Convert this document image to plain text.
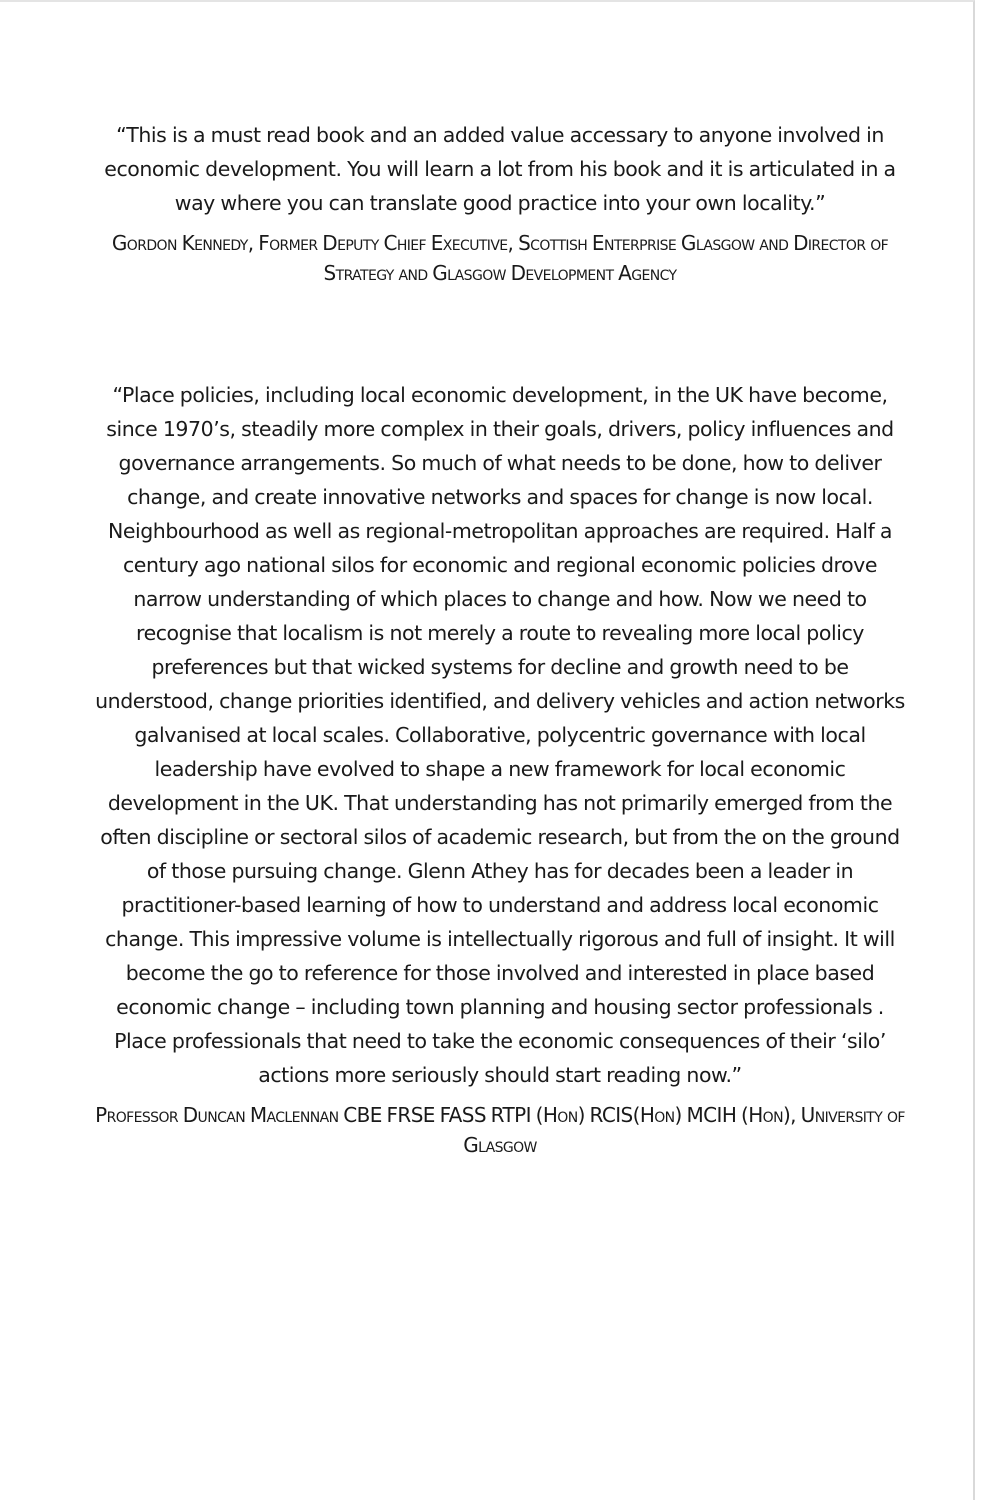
“This is a must read book and an added value accessary to anyone involved in economic development. You will learn a lot from his book and it is articulated in a way where you can translate good practice into your own locality.”

Gordon Kennedy, Former Deputy Chief Executive, Scottish Enterprise Glasgow and Director of Strategy and Glasgow Development Agency

“Place policies, including local economic development, in the UK have become, since 1970’s, steadily more complex in their goals, drivers, policy influences and governance arrangements. So much of what needs to be done, how to deliver change, and create innovative networks and spaces for change is now local. Neighbourhood as well as regional-metropolitan approaches are required. Half a century ago national silos for economic and regional economic policies drove narrow understanding of which places to change and how. Now we need to recognise that localism is not merely a route to revealing more local policy preferences but that wicked systems for decline and growth need to be understood, change priorities identified, and delivery vehicles and action networks galvanised at local scales. Collaborative, polycentric governance with local leadership have evolved to shape a new framework for local economic development in the UK. That understanding has not primarily emerged from the often discipline or sectoral silos of academic research, but from the on the ground of those pursuing change. Glenn Athey has for decades been a leader in practitioner-based learning of how to understand and address local economic change. This impressive volume is intellectually rigorous and full of insight. It will become the go to reference for those involved and interested in place based economic change – including town planning and housing sector professionals . Place professionals that need to take the economic consequences of their ‘silo’ actions more seriously should start reading now.”

Professor Duncan Maclennan CBE FRSE FASS RTPI (Hon) RCIS(Hon) MCIH (Hon), University of Glasgow
